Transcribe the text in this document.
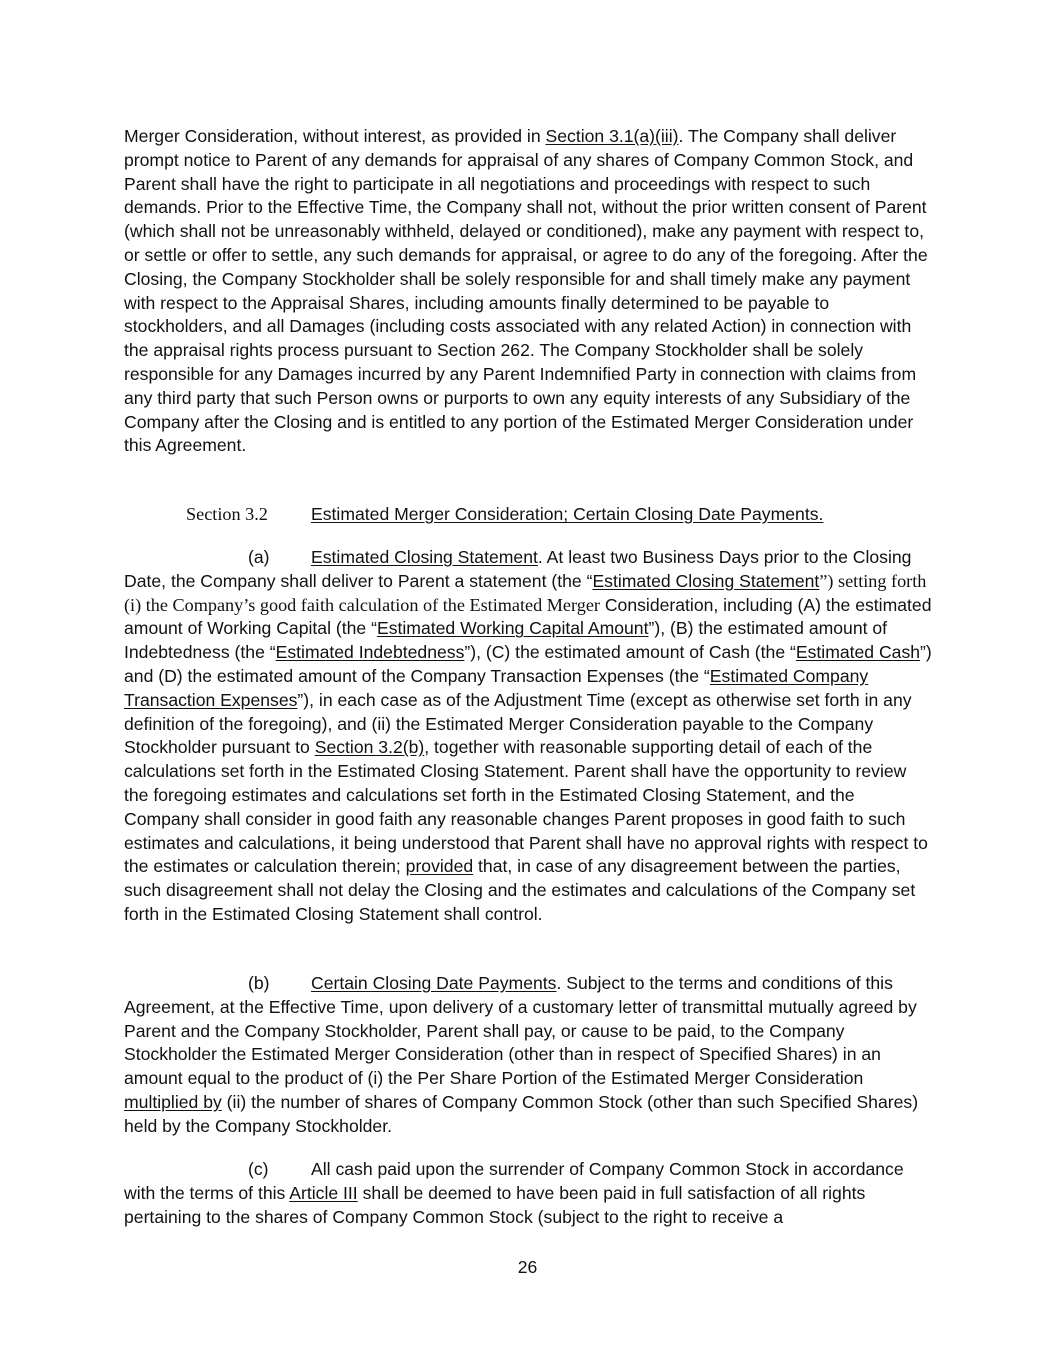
Merger Consideration, without interest, as provided in Section 3.1(a)(iii). The Company shall deliver prompt notice to Parent of any demands for appraisal of any shares of Company Common Stock, and Parent shall have the right to participate in all negotiations and proceedings with respect to such demands. Prior to the Effective Time, the Company shall not, without the prior written consent of Parent (which shall not be unreasonably withheld, delayed or conditioned), make any payment with respect to, or settle or offer to settle, any such demands for appraisal, or agree to do any of the foregoing. After the Closing, the Company Stockholder shall be solely responsible for and shall timely make any payment with respect to the Appraisal Shares, including amounts finally determined to be payable to stockholders, and all Damages (including costs associated with any related Action) in connection with the appraisal rights process pursuant to Section 262. The Company Stockholder shall be solely responsible for any Damages incurred by any Parent Indemnified Party in connection with claims from any third party that such Person owns or purports to own any equity interests of any Subsidiary of the Company after the Closing and is entitled to any portion of the Estimated Merger Consideration under this Agreement.

Section 3.2 Estimated Merger Consideration; Certain Closing Date Payments.

(a) Estimated Closing Statement. At least two Business Days prior to the Closing Date, the Company shall deliver to Parent a statement (the “Estimated Closing Statement”) setting forth (i) the Company’s good faith calculation of the Estimated Merger Consideration, including (A) the estimated amount of Working Capital (the “Estimated Working Capital Amount”), (B) the estimated amount of Indebtedness (the “Estimated Indebtedness”), (C) the estimated amount of Cash (the “Estimated Cash”) and (D) the estimated amount of the Company Transaction Expenses (the “Estimated Company Transaction Expenses”), in each case as of the Adjustment Time (except as otherwise set forth in any definition of the foregoing), and (ii) the Estimated Merger Consideration payable to the Company Stockholder pursuant to Section 3.2(b), together with reasonable supporting detail of each of the calculations set forth in the Estimated Closing Statement. Parent shall have the opportunity to review the foregoing estimates and calculations set forth in the Estimated Closing Statement, and the Company shall consider in good faith any reasonable changes Parent proposes in good faith to such estimates and calculations, it being understood that Parent shall have no approval rights with respect to the estimates or calculation therein; provided that, in case of any disagreement between the parties, such disagreement shall not delay the Closing and the estimates and calculations of the Company set forth in the Estimated Closing Statement shall control.

(b) Certain Closing Date Payments. Subject to the terms and conditions of this Agreement, at the Effective Time, upon delivery of a customary letter of transmittal mutually agreed by Parent and the Company Stockholder, Parent shall pay, or cause to be paid, to the Company Stockholder the Estimated Merger Consideration (other than in respect of Specified Shares) in an amount equal to the product of (i) the Per Share Portion of the Estimated Merger Consideration multiplied by (ii) the number of shares of Company Common Stock (other than such Specified Shares) held by the Company Stockholder.

(c) All cash paid upon the surrender of Company Common Stock in accordance with the terms of this Article III shall be deemed to have been paid in full satisfaction of all rights pertaining to the shares of Company Common Stock (subject to the right to receive a

26
